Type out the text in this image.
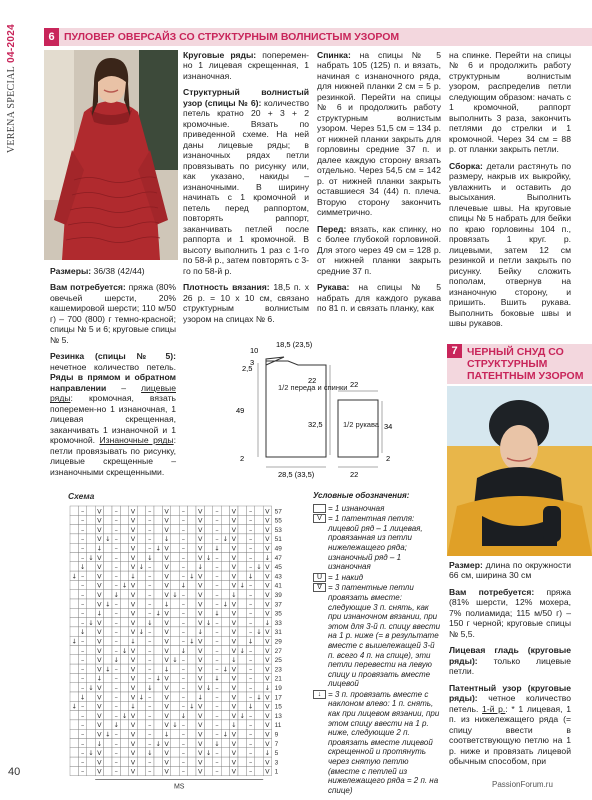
VERENA SPECIAL 04-2024
40
6 ПУЛОВЕР ОВЕРСАЙЗ СО СТРУКТУРНЫМ ВОЛНИСТЫМ УЗОРОМ

Размеры: 36/38 (42/44)

Вам потребуется: пряжа (80% овечьей шерсти, 20% кашемировой шерсти; 110 м/50 г) – 700 (800) г темно-красной; спицы № 5 и 6; круговые спицы № 5.

Резинка (спицы № 5): нечетное количество петель. Ряды в прямом и обратном направлении – лицевые ряды: кромочная, вязать поперемен-но 1 изнаночная, 1 лицевая скрещенная, заканчивать 1 изнаночной и 1 кромочной. Изнаночные ряды: петли провязывать по рисунку, лицевые скрещенные – изнаночными скрещенными.

Круговые ряды: поперемен-но 1 лицевая скрещенная, 1 изнаночная.

Структурный волнистый узор (спицы № 6): количество петель кратно 20 + 3 + 2 кромочные. Вязать по приведенной схеме. На ней даны лицевые ряды; в изнаночных рядах петли провязывать по рисунку или, как указано, накиды – изнаночными. В ширину начинать с 1 кромочной и петель перед раппортом, повторять раппорт, заканчивать петлей после раппорта и 1 кромочной. В высоту выполнить 1 раз с 1-го по 58-й р., затем повторять с 3-го по 58-й р.

Плотность вязания: 18,5 п. х 26 р. = 10 х 10 см, связано структурным волнистым узором на спицах № 6.

Спинка: на спицы № 5 набрать 105 (125) п. и вязать, начиная с изнаночного ряда, для нижней планки 2 см = 5 р. резинкой. Перейти на спицы № 6 и продолжить работу структурным волнистым узором. Через 51,5 см = 134 р. от нижней планки закрыть для горловины средние 37 п. и далее каждую сторону вязать отдельно. Через 54,5 см = 142 р. от нижней планки закрыть оставшиеся 34 (44) п. плеча. Вторую сторону закончить симметрично.

Перед: вязать, как спинку, но с более глубокой горловиной. Для этого через 49 см = 128 р. от нижней планки закрыть средние 37 п.

Рукава: на спицы № 5 набрать для каждого рукава по 81 п. и связать планку, как

на спинке. Перейти на спицы № 6 и продолжить работу структурным волнистым узором, распределив петли следующим образом: начать с 1 кромочной, раппорт выполнить 3 раза, закончить петлями до стрелки и 1 кромочной. Через 34 см = 88 р. от планки закрыть петли.

Сборка: детали растянуть по размеру, накрыв их выкройку, увлажнить и оставить до высыхания. Выполнить плечевые швы. На круговые спицы № 5 набрать для бейки по краю горловины 104 п., провязать 1 круг. р. лицевыми, затем 12 см резинкой и петли закрыть по рисунку. Бейку сложить пополам, отвернув на изнаночную сторону, и пришить. Вшить рукава. Выполнить боковые швы и швы рукавов.

7 ЧЕРНЫЙ СНУД СО СТРУКТУРНЫМ ПАТЕНТНЫМ УЗОРОМ

Размер: длина по окружности 66 см, ширина 30 см

Вам потребуется: пряжа (81% шерсти, 12% мохера, 7% полиамида; 115 м/50 г) – 150 г черной; круговые спицы № 5,5.

Лицевая гладь (круговые ряды): только лицевые петли.

Патентный узор (круговые ряды): четное количество петель. 1-й р.: * 1 лицевая, 1 п. из нижележащего ряда (= спицу ввести в соответствующую петлю на 1 р. ниже и провязать лицевой обычным способом, при

1/2 переда и спинки
1/2 рукава
10
18,5 (23,5)
3
2,5
49
22
32,5
2
28,5 (33,5)
22
34
22
2
Схема
– V – V – V – V – V – V 57
– V – V – V – V – V – V 55
– V – V – V – V – V – V 53
– V ↓ – V – ↓ – V – ↓ V – V 51
– ↓ – V – ↓ V – V ↓ V – V 49
– ↓ V – V ↓ V – V ↓ – V – ↓ 47
↓ V – V ↓ – V – ↓ – V – ↓ V 45
↓ – V – ↓ – V – ↓ V – V ↓ V 43
– V – ↓ V – V ↓ V – V ↓ – V 41
– V ↓ V – V ↓ – V – ↓ – V 39
– V ↓ – V – ↓ – V – ↓ V – V 37
– ↓ – V – ↓ V – V ↓ V – V 35
– ↓ V – V ↓ V – V ↓ – V – ↓ 33
↓ V – V ↓ – V – ↓ – V – ↓ V 31
↓ – V – ↓ – V – ↓ V – V ↓ V 29
– V – ↓ V – V ↓ V – V ↓ – V 27
– V ↓ V – V ↓ – V – ↓ – V 25
– V ↓ – V – ↓ – V – ↓ V – V 23
– ↓ – V – ↓ V – V ↓ V – V 21
– ↓ V – V ↓ V – V ↓ – V – ↓ 19
↓ V – V ↓ – V – ↓ – V – ↓ V 17
↓ – V – ↓ – V – ↓ V – V ↓ V 15
– V – ↓ V – V ↓ V – V ↓ – V 13
– V ↓ V – V ↓ – V – ↓ – V 11
– V ↓ – V – ↓ – V – ↓ V – V 9
– ↓ – V – ↓ V – V ↓ V – V 7
– ↓ V – V ↓ V – V ↓ – V – ↓ 5
– V – V – V – V – V – V 3
– V – V – V – V – V – V 1
MS
Условные обозначения:
= 1 изнаночная
V = 1 патентная петля: лицевой ряд – 1 лицевая, провязанная из петли нижележащего ряда; изнаночный ряд – 1 изнаночная
U = 1 накид
ᐁ = 3 патентные петли провязать вместе: следующие 3 п. снять, как при изнаночном вязании, при этом для 3-й п. спицу ввести на 1 р. ниже (= в результате вместе с вышележащей 3-й п. всего 4 п. на спице), эти петли перевести на левую спицу и провязать вместе лицевой
↓ = 3 п. провязать вместе с наклоном влево: 1 п. снять, как при лицевом вязании, при этом спицу ввести на 1 р. ниже, следующие 2 п. провязать вместе лицевой скрещенной и протянуть через снятую петлю (вместе с петлей из нижележащего ряда = 2 п. на спице)
PassionForum.ru
